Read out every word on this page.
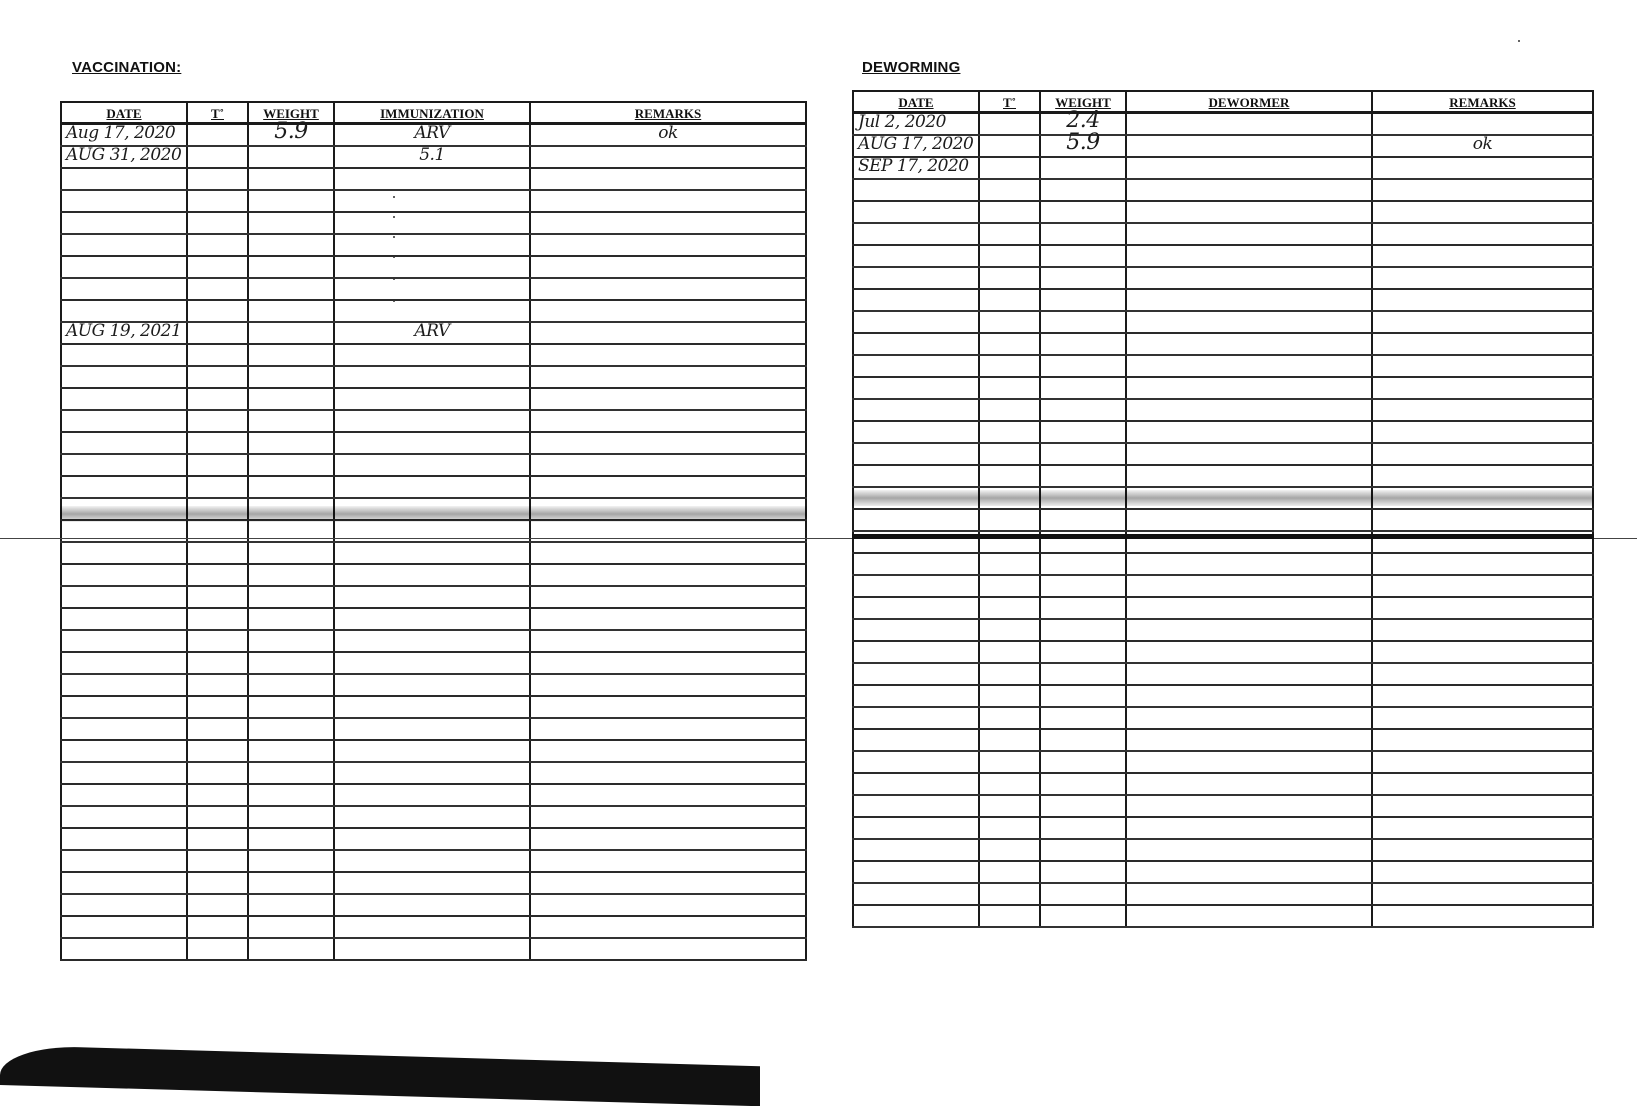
VACCINATION:	DEWORMING
DATE	T˚	WEIGHT	IMMUNIZATION	REMARKS

Aug 17, 2020		5.9	ARV	ok

AUG 31, 2020			5.1	

AUG 19, 2021			ARV	

DATE	T˚	WEIGHT	DEWORMER	REMARKS

Jul 2, 2020		2.4		

AUG 17, 2020		5.9		ok

SEP 17, 2020				
